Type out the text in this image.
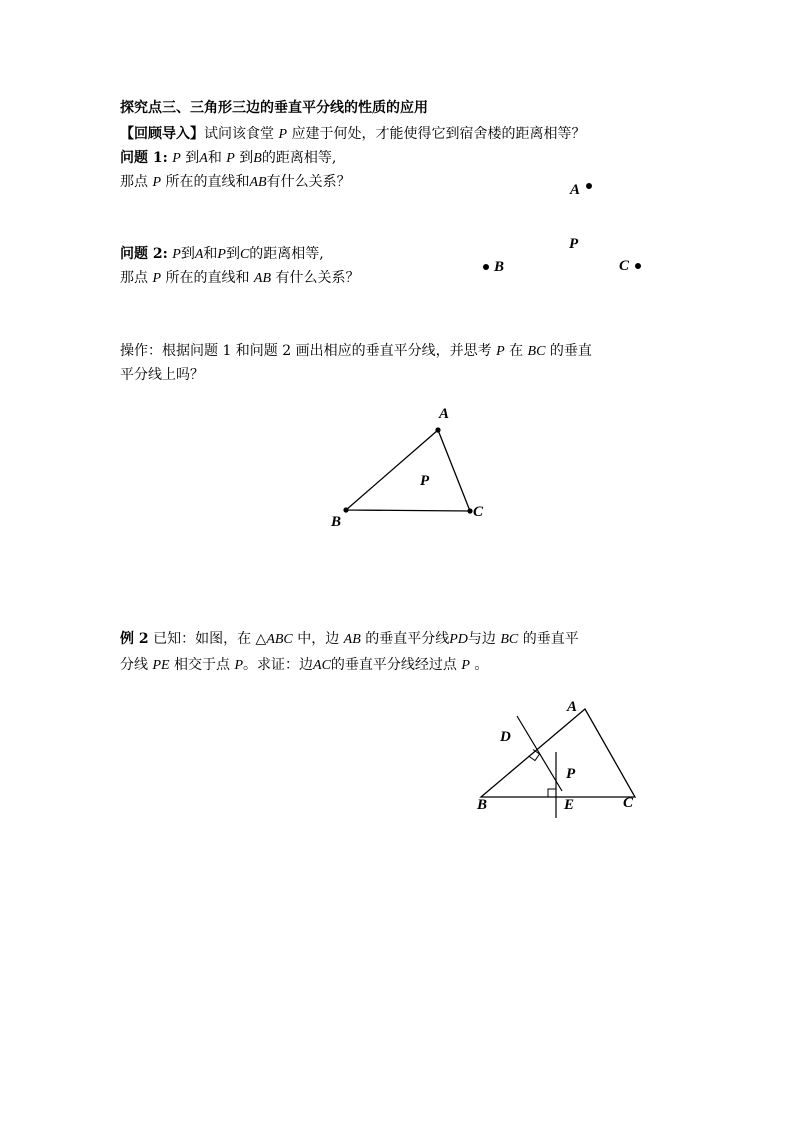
探究点三、三角形三边的垂直平分线的性质的应用
【回顾导入】试问该食堂 P 应建于何处，才能使得它到宿舍楼的距离相等？
问题 1: P 到A和 P 到B的距离相等,
那点 P 所在的直线和AB有什么关系？
问题 2: P到A和P到C的距离相等,
那点 P 所在的直线和 AB 有什么关系？
操作：根据问题 1 和问题 2 画出相应的垂直平分线，并思考 P 在 BC 的垂直
平分线上吗？
例 2 已知：如图，在 △ABC 中，边 AB 的垂直平分线PD与边 BC 的垂直平
分线 PE 相交于点 P。求证：边AC的垂直平分线经过点 P 。
A
P
B	C
A
P
B
C
A
D
P
B	E	C
